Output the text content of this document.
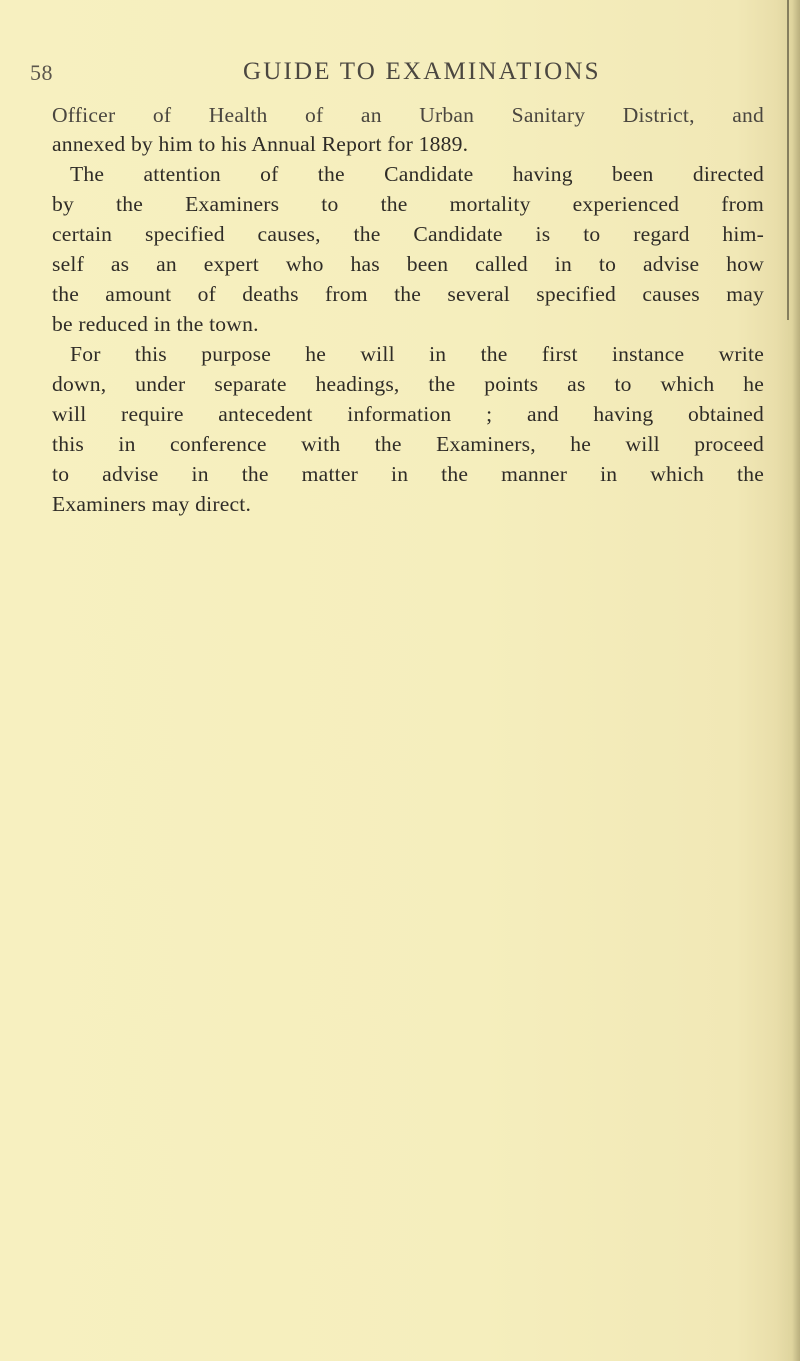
58	GUIDE TO EXAMINATIONS
Officer of Health of an Urban Sanitary District, and
annexed by him to his Annual Report for 1889.
The attention of the Candidate having been directed
by the Examiners to the mortality experienced from
certain specified causes, the Candidate is to regard him-
self as an expert who has been called in to advise how
the amount of deaths from the several specified causes may
be reduced in the town.
For this purpose he will in the first instance write
down, under separate headings, the points as to which he
will require antecedent information ; and having obtained
this in conference with the Examiners, he will proceed
to advise in the matter in the manner in which the
Examiners may direct.
